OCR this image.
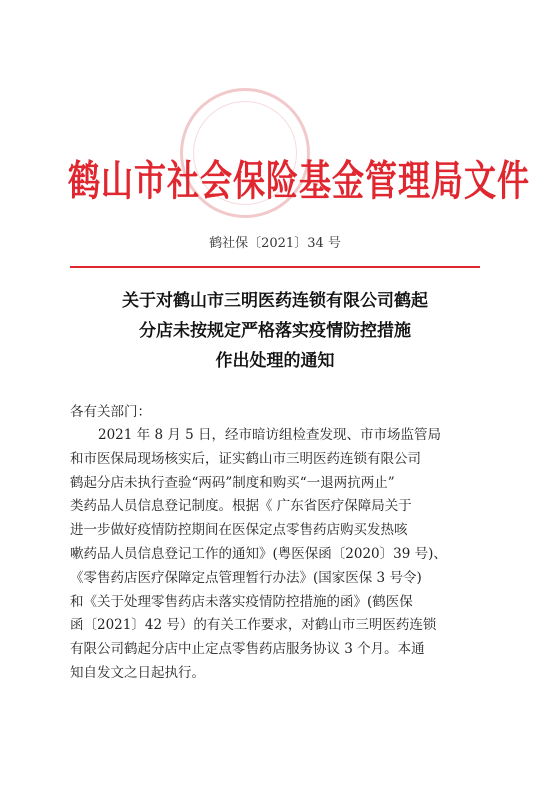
鹤山市社会保险基金管理局文件
鹤社保〔2021〕34 号
关于对鹤山市三明医药连锁有限公司鹤起
分店未按规定严格落实疫情防控措施
作出处理的通知
各有关部门：
2021 年 8 月 5 日，经市暗访组检查发现、市市场监管局
和市医保局现场核实后，证实鹤山市三明医药连锁有限公司
鹤起分店未执行查验“两码”制度和购买“一退两抗两止”
类药品人员信息登记制度。根据《 广东省医疗保障局关于
进一步做好疫情防控期间在医保定点零售药店购买发热咳
嗽药品人员信息登记工作的通知》(粤医保函〔2020〕39 号)、
《零售药店医疗保障定点管理暂行办法》(国家医保 3 号令)
和《关于处理零售药店未落实疫情防控措施的函》(鹤医保
函〔2021〕42 号）的有关工作要求，对鹤山市三明医药连锁
有限公司鹤起分店中止定点零售药店服务协议 3 个月。本通
知自发文之日起执行。
